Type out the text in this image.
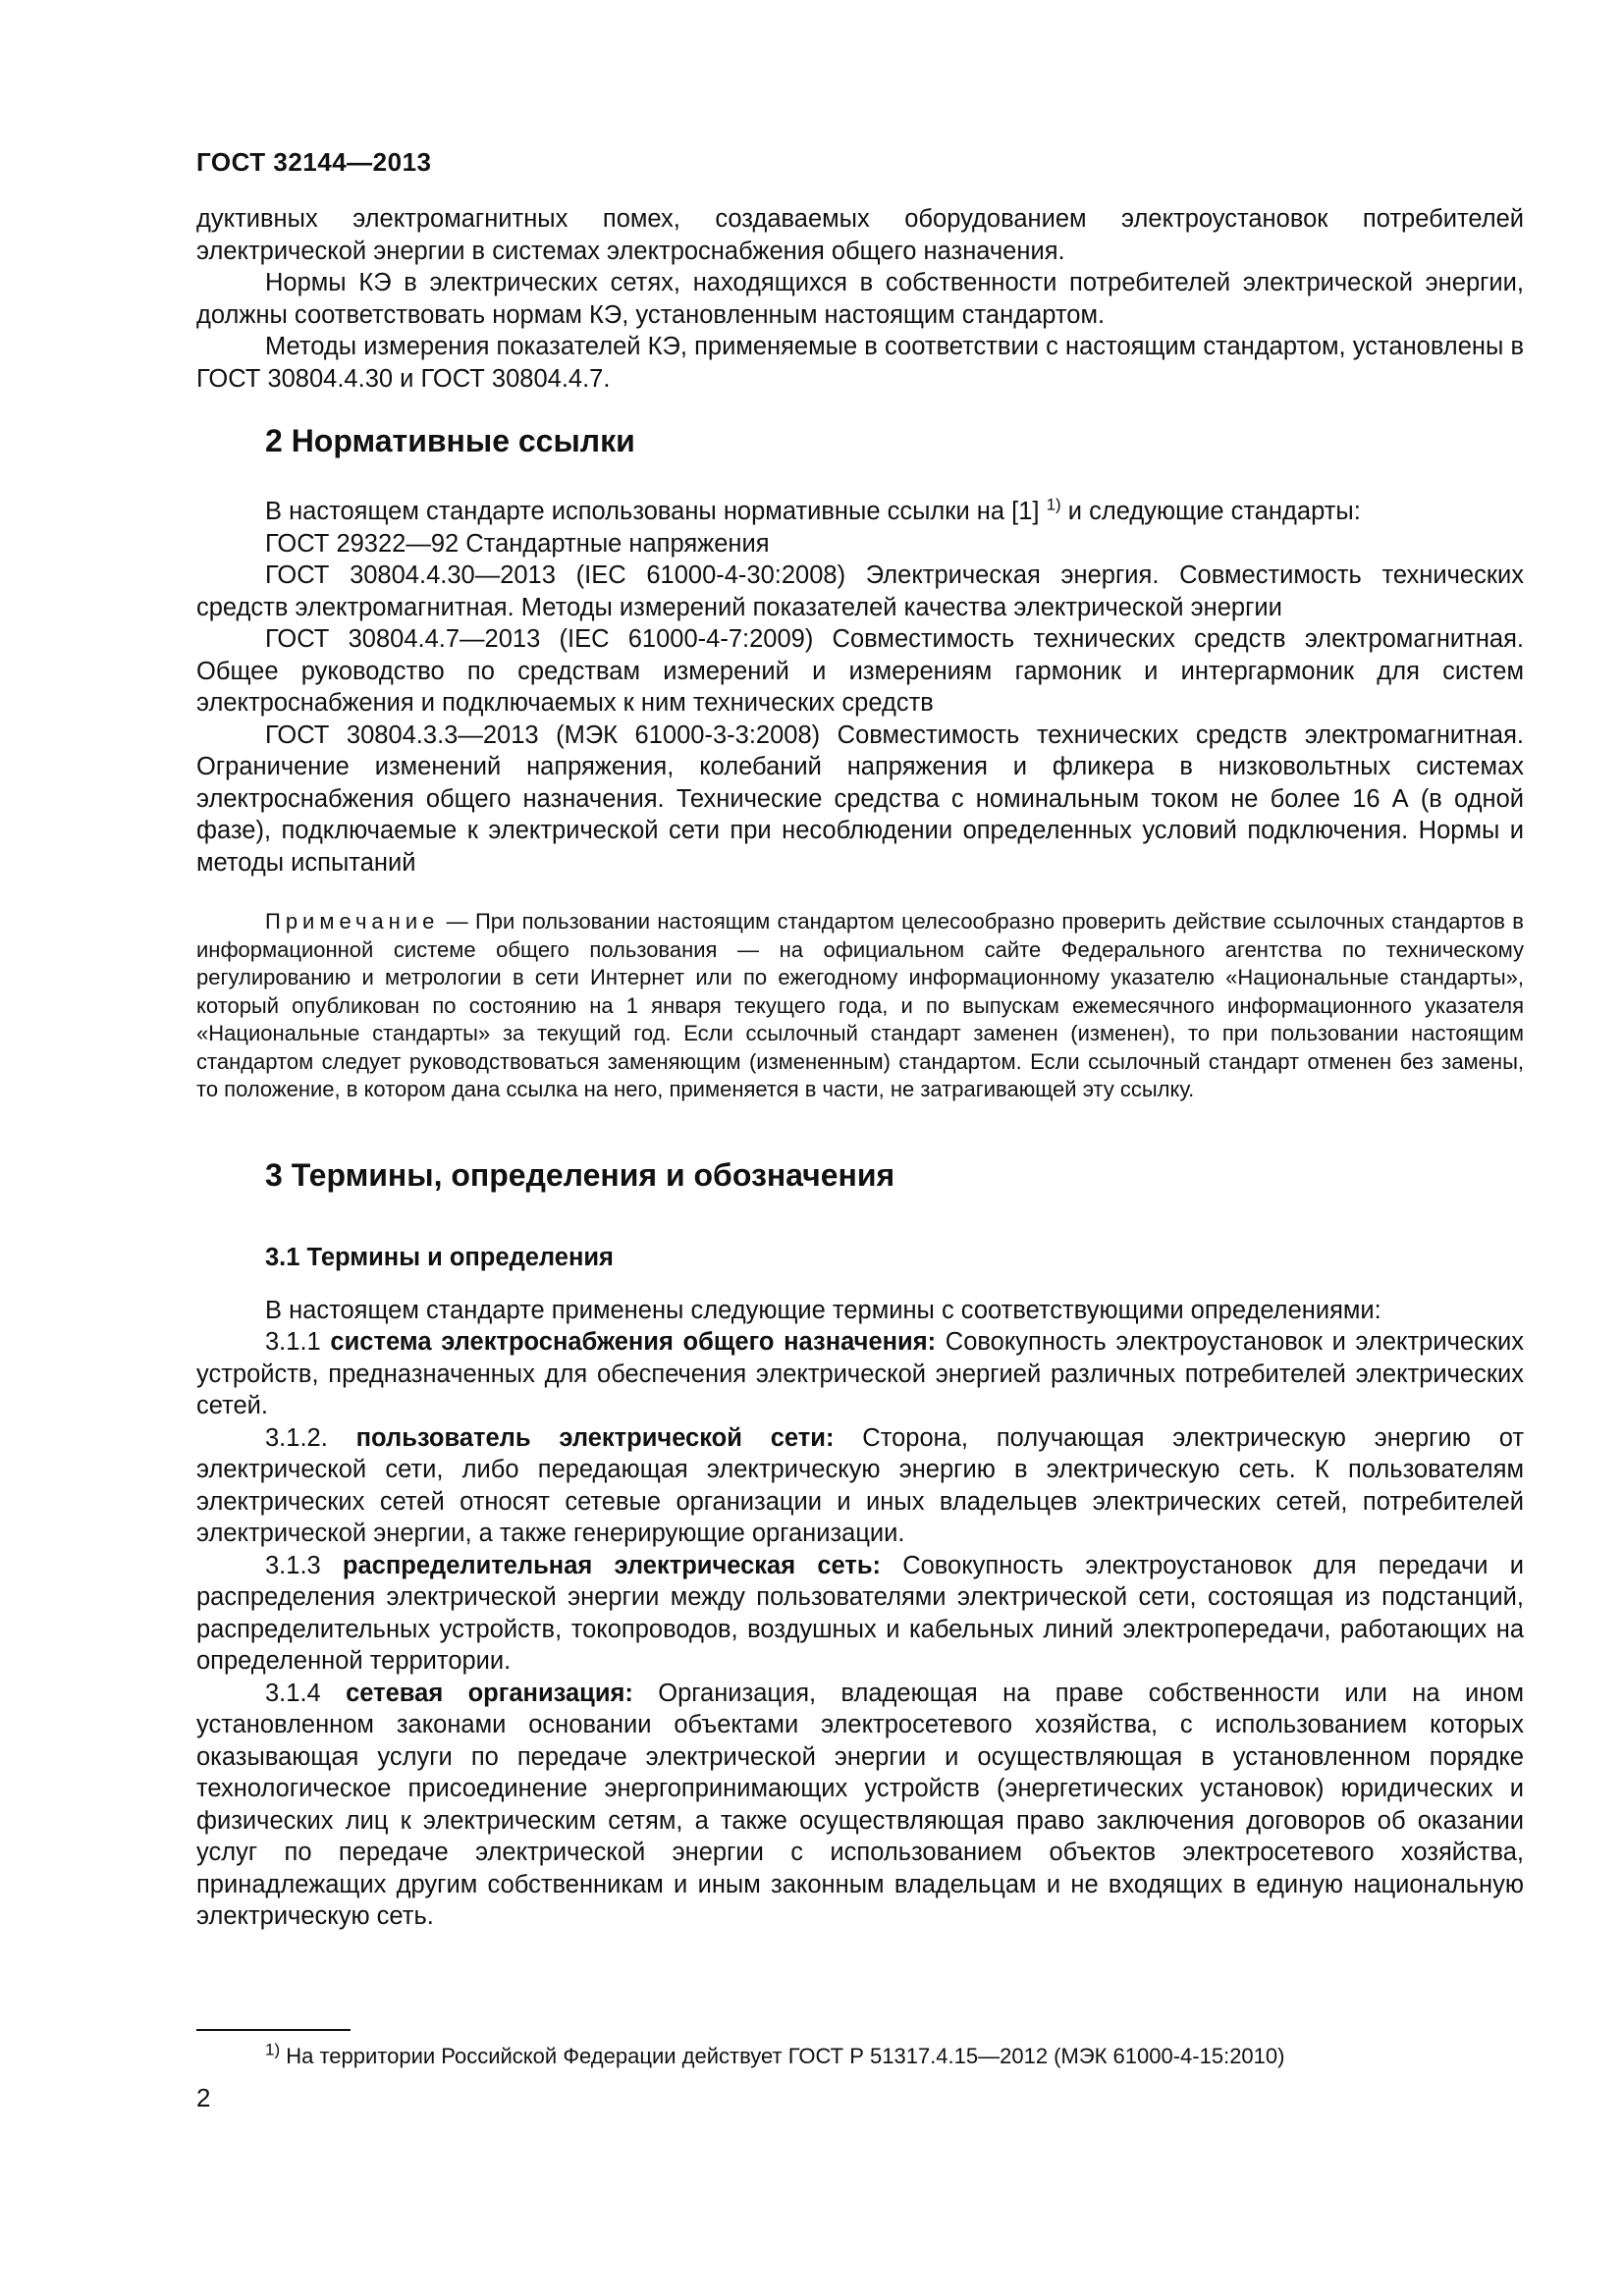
ГОСТ 32144—2013

дуктивных электромагнитных помех, создаваемых оборудованием электроустановок потребителей электрической энергии в системах электроснабжения общего назначения.

Нормы КЭ в электрических сетях, находящихся в собственности потребителей электрической энергии, должны соответствовать нормам КЭ, установленным настоящим стандартом.

Методы измерения показателей КЭ, применяемые в соответствии с настоящим стандартом, установлены в ГОСТ 30804.4.30 и ГОСТ 30804.4.7.

2 Нормативные ссылки

В настоящем стандарте использованы нормативные ссылки на [1] $^{1)}$ и следующие стандарты:

ГОСТ 29322—92 Стандартные напряжения

ГОСТ 30804.4.30—2013 (IEC 61000-4-30:2008) Электрическая энергия. Совместимость технических средств электромагнитная. Методы измерений показателей качества электрической энергии

ГОСТ 30804.4.7—2013 (IEC 61000-4-7:2009) Совместимость технических средств электромагнитная. Общее руководство по средствам измерений и измерениям гармоник и интергармоник для систем электроснабжения и подключаемых к ним технических средств

ГОСТ 30804.3.3—2013 (МЭК 61000-3-3:2008) Совместимость технических средств электромагнитная. Ограничение изменений напряжения, колебаний напряжения и фликера в низковольтных системах электроснабжения общего назначения. Технические средства с номинальным током не более 16 А (в одной фазе), подключаемые к электрической сети при несоблюдении определенных условий подключения. Нормы и методы испытаний

Примечание — При пользовании настоящим стандартом целесообразно проверить действие ссылочных стандартов в информационной системе общего пользования — на официальном сайте Федерального агентства по техническому регулированию и метрологии в сети Интернет или по ежегодному информационному указателю «Национальные стандарты», который опубликован по состоянию на 1 января текущего года, и по выпускам ежемесячного информационного указателя «Национальные стандарты» за текущий год. Если ссылочный стандарт заменен (изменен), то при пользовании настоящим стандартом следует руководствоваться заменяющим (измененным) стандартом. Если ссылочный стандарт отменен без замены, то положение, в котором дана ссылка на него, применяется в части, не затрагивающей эту ссылку.

3 Термины, определения и обозначения
3.1 Термины и определения

В настоящем стандарте применены следующие термины с соответствующими определениями:

3.1.1 система электроснабжения общего назначения: Совокупность электроустановок и электрических устройств, предназначенных для обеспечения электрической энергией различных потребителей электрических сетей.

3.1.2. пользователь электрической сети: Сторона, получающая электрическую энергию от электрической сети, либо передающая электрическую энергию в электрическую сеть. К пользователям электрических сетей относят сетевые организации и иных владельцев электрических сетей, потребителей электрической энергии, а также генерирующие организации.

3.1.3 распределительная электрическая сеть: Совокупность электроустановок для передачи и распределения электрической энергии между пользователями электрической сети, состоящая из подстанций, распределительных устройств, токопроводов, воздушных и кабельных линий электропередачи, работающих на определенной территории.

3.1.4 сетевая организация: Организация, владеющая на праве собственности или на ином установленном законами основании объектами электросетевого хозяйства, с использованием которых оказывающая услуги по передаче электрической энергии и осуществляющая в установленном порядке технологическое присоединение энергопринимающих устройств (энергетических установок) юридических и физических лиц к электрическим сетям, а также осуществляющая право заключения договоров об оказании услуг по передаче электрической энергии с использованием объектов электросетевого хозяйства, принадлежащих другим собственникам и иным законным владельцам и не входящих в единую национальную электрическую сеть.

$^{1)}$ На территории Российской Федерации действует ГОСТ Р 51317.4.15—2012 (МЭК 61000-4-15:2010)
2
